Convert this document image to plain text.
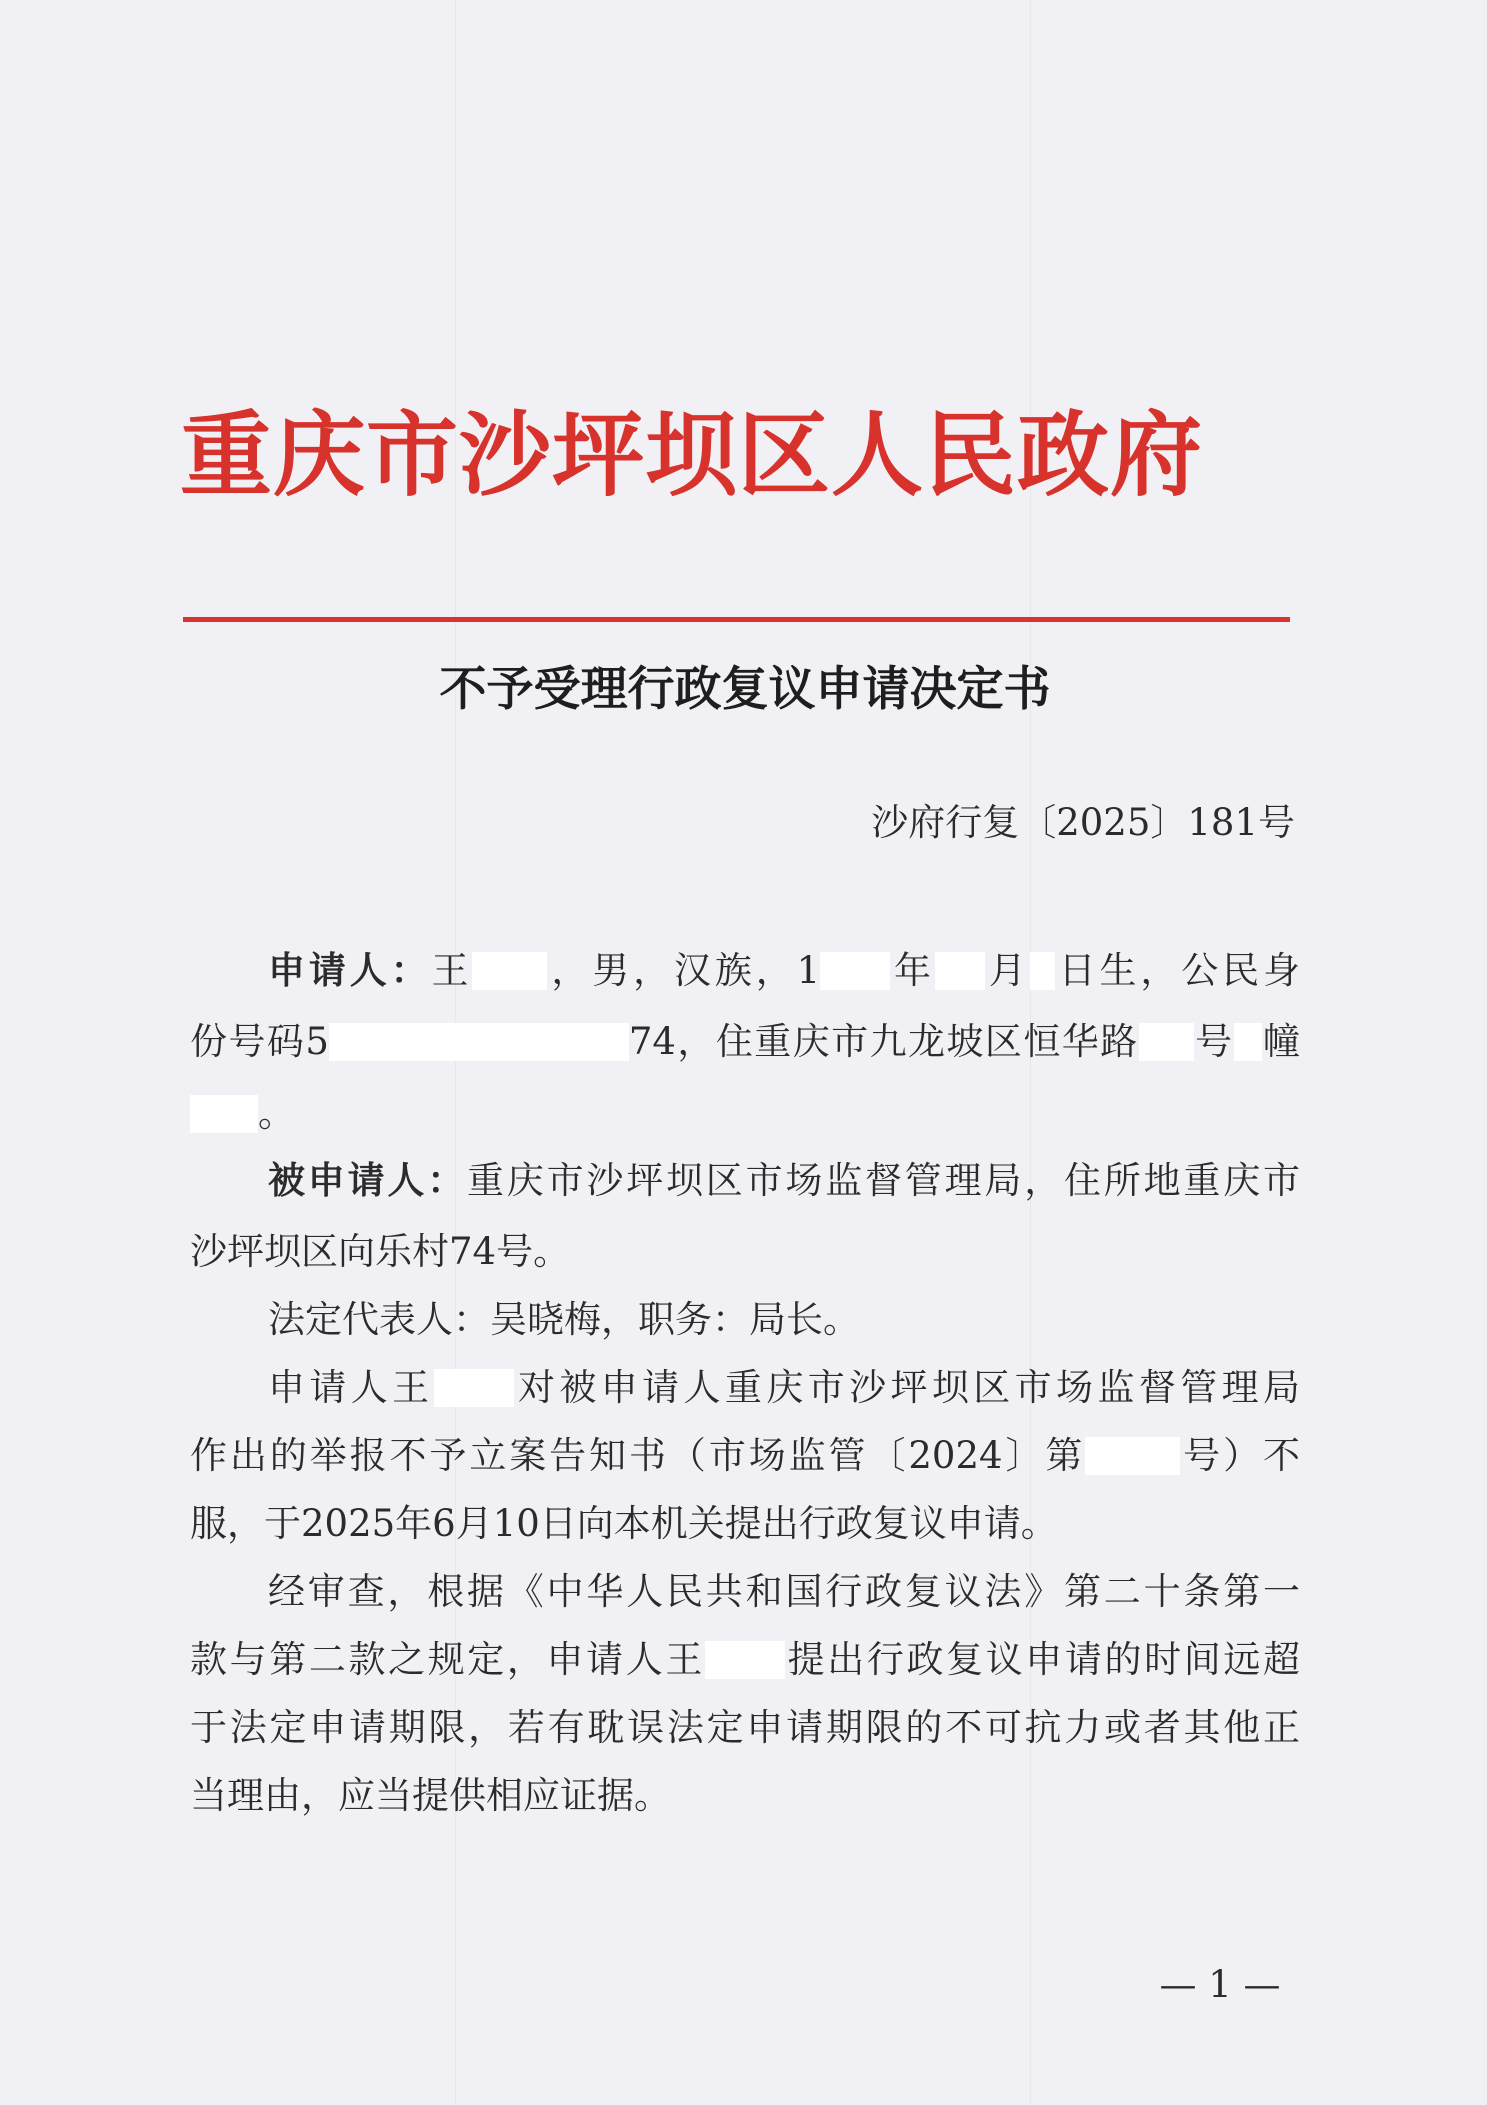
重庆市沙坪坝区人民政府
不予受理行政复议申请决定书
沙府行复〔2025〕181号
申请人：王 ，男，汉族，1 年 月 日生，公民身
份号码5	74，住重庆市九龙坡区恒华路 号 幢
。
被申请人：重庆市沙坪坝区市场监督管理局，住所地重庆市
沙坪坝区向乐村74号。
法定代表人：吴晓梅，职务：局长。
申请人王 对被申请人重庆市沙坪坝区市场监督管理局
作出的举报不予立案告知书（市场监管〔2024〕第	号）不
服，于2025年6月10日向本机关提出行政复议申请。
经审查，根据《中华人民共和国行政复议法》第二十条第一
款与第二款之规定，申请人王 提出行政复议申请的时间远超
于法定申请期限，若有耽误法定申请期限的不可抗力或者其他正
当理由，应当提供相应证据。
— 1 —
